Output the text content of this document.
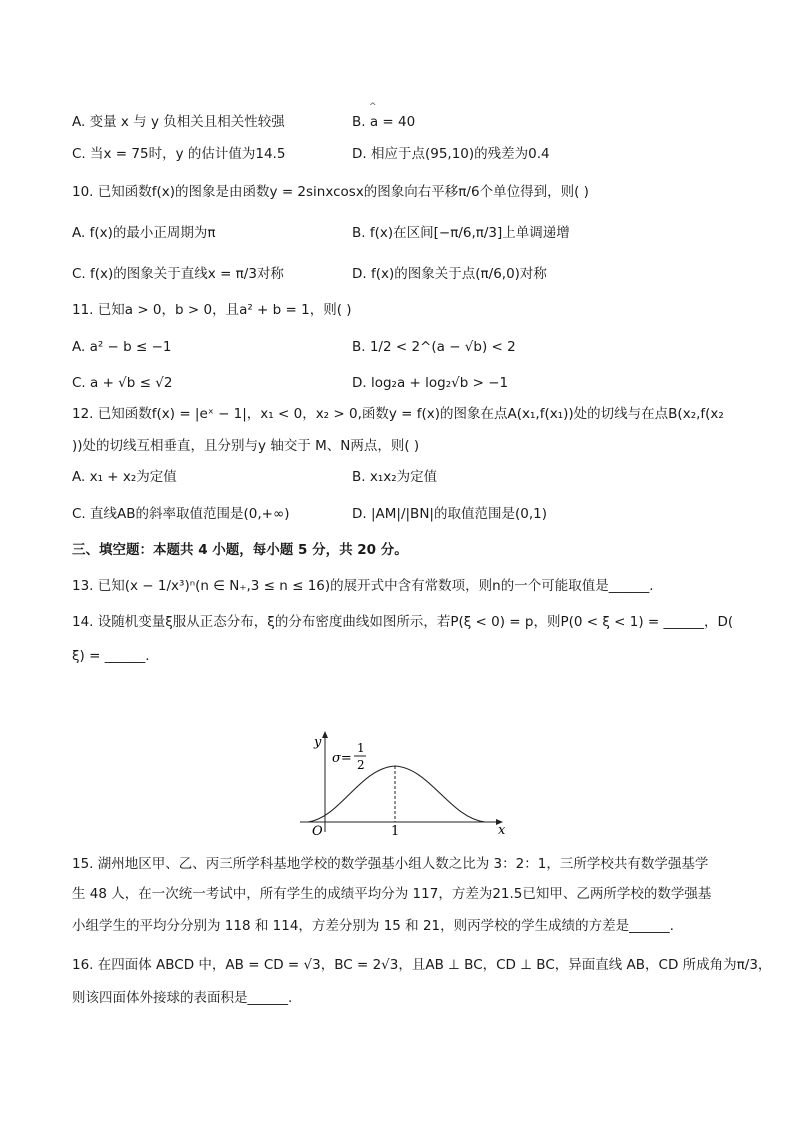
^
A. 变量 x 与 y 负相关且相关性较强	B. a = 40
C. 当x = 75时，y 的估计值为14.5	D. 相应于点(95,10)的残差为0.4
10. 已知函数f(x)的图象是由函数y = 2sinxcosx的图象向右平移π/6个单位得到，则( )
A. f(x)的最小正周期为π	B. f(x)在区间[−π/6,π/3]上单调递增
C. f(x)的图象关于直线x = π/3对称	D. f(x)的图象关于点(π/6,0)对称
11. 已知a > 0，b > 0，且a² + b = 1，则( )
A. a² − b ≤ −1	B. 1/2 < 2^(a − √b) < 2
C. a + √b ≤ √2	D. log₂a + log₂√b > −1
12. 已知函数f(x) = |eˣ − 1|，x₁ < 0，x₂ > 0,函数y = f(x)的图象在点A(x₁,f(x₁))处的切线与在点B(x₂,f(x₂
))处的切线互相垂直，且分别与y 轴交于 M、N两点，则( )
A. x₁ + x₂为定值	B. x₁x₂为定值
C. 直线AB的斜率取值范围是(0,+∞)	D. |AM|/|BN|的取值范围是(0,1)
三、填空题：本题共 4 小题，每小题 5 分，共 20 分。
13. 已知(x − 1/x³)ⁿ(n ∈ N₊,3 ≤ n ≤ 16)的展开式中含有常数项，则n的一个可能取值是______.
14. 设随机变量ξ服从正态分布，ξ的分布密度曲线如图所示，若P(ξ < 0) = p，则P(0 < ξ < 1) = ______，D(
ξ) = ______.
y
x
O	1
σ=
1
2
15. 湖州地区甲、乙、丙三所学科基地学校的数学强基小组人数之比为 3：2：1，三所学校共有数学强基学
生 48 人，在一次统一考试中，所有学生的成绩平均分为 117，方差为21.5已知甲、乙两所学校的数学强基
小组学生的平均分分别为 118 和 114，方差分别为 15 和 21，则丙学校的学生成绩的方差是______.
16. 在四面体 ABCD 中，AB = CD = √3，BC = 2√3，且AB ⊥ BC，CD ⊥ BC，异面直线 AB，CD 所成角为π/3，
则该四面体外接球的表面积是______.
